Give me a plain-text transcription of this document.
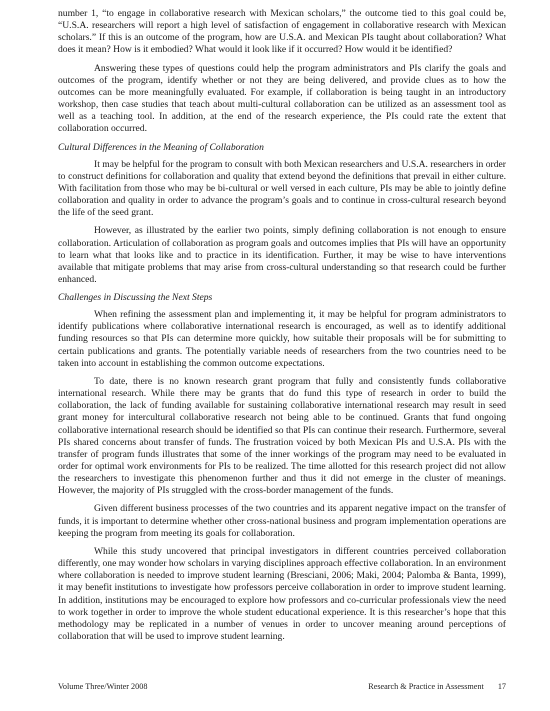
number 1, “to engage in collaborative research with Mexican scholars,” the outcome tied to this goal could be, “U.S.A. researchers will report a high level of satisfaction of engagement in collaborative research with Mexican scholars.” If this is an outcome of the program, how are U.S.A. and Mexican PIs taught about collaboration? What does it mean? How is it embodied? What would it look like if it occurred? How would it be identified?

Answering these types of questions could help the program administrators and PIs clarify the goals and outcomes of the program, identify whether or not they are being delivered, and provide clues as to how the outcomes can be more meaningfully evaluated. For example, if collaboration is being taught in an introductory workshop, then case studies that teach about multi-cultural collaboration can be utilized as an assessment tool as well as a teaching tool. In addition, at the end of the research experience, the PIs could rate the extent that collaboration occurred.

Cultural Differences in the Meaning of Collaboration

It may be helpful for the program to consult with both Mexican researchers and U.S.A. researchers in order to construct definitions for collaboration and quality that extend beyond the definitions that prevail in either culture. With facilitation from those who may be bi-cultural or well versed in each culture, PIs may be able to jointly define collaboration and quality in order to advance the program’s goals and to continue in cross-cultural research beyond the life of the seed grant.

However, as illustrated by the earlier two points, simply defining collaboration is not enough to ensure collaboration. Articulation of collaboration as program goals and outcomes implies that PIs will have an opportunity to learn what that looks like and to practice in its identification. Further, it may be wise to have interventions available that mitigate problems that may arise from cross-cultural understanding so that research could be further enhanced.

Challenges in Discussing the Next Steps

When refining the assessment plan and implementing it, it may be helpful for program administrators to identify publications where collaborative international research is encouraged, as well as to identify additional funding resources so that PIs can determine more quickly, how suitable their proposals will be for submitting to certain publications and grants. The potentially variable needs of researchers from the two countries need to be taken into account in establishing the common outcome expectations.

To date, there is no known research grant program that fully and consistently funds collaborative international research. While there may be grants that do fund this type of research in order to build the collaboration, the lack of funding available for sustaining collaborative international research may result in seed grant money for intercultural collaborative research not being able to be continued. Grants that fund ongoing collaborative international research should be identified so that PIs can continue their research. Furthermore, several PIs shared concerns about transfer of funds. The frustration voiced by both Mexican PIs and U.S.A. PIs with the transfer of program funds illustrates that some of the inner workings of the program may need to be evaluated in order for optimal work environments for PIs to be realized. The time allotted for this research project did not allow the researchers to investigate this phenomenon further and thus it did not emerge in the cluster of meanings. However, the majority of PIs struggled with the cross-border management of the funds.

Given different business processes of the two countries and its apparent negative impact on the transfer of funds, it is important to determine whether other cross-national business and program implementation operations are keeping the program from meeting its goals for collaboration.

While this study uncovered that principal investigators in different countries perceived collaboration differently, one may wonder how scholars in varying disciplines approach effective collaboration. In an environment where collaboration is needed to improve student learning (Bresciani, 2006; Maki, 2004; Palomba & Banta, 1999), it may benefit institutions to investigate how professors perceive collaboration in order to improve student learning. In addition, institutions may be encouraged to explore how professors and co-curricular professionals view the need to work together in order to improve the whole student educational experience. It is this researcher’s hope that this methodology may be replicated in a number of venues in order to uncover meaning around perceptions of collaboration that will be used to improve student learning.

Volume Three/Winter 2008	Research & Practice in Assessment 17
